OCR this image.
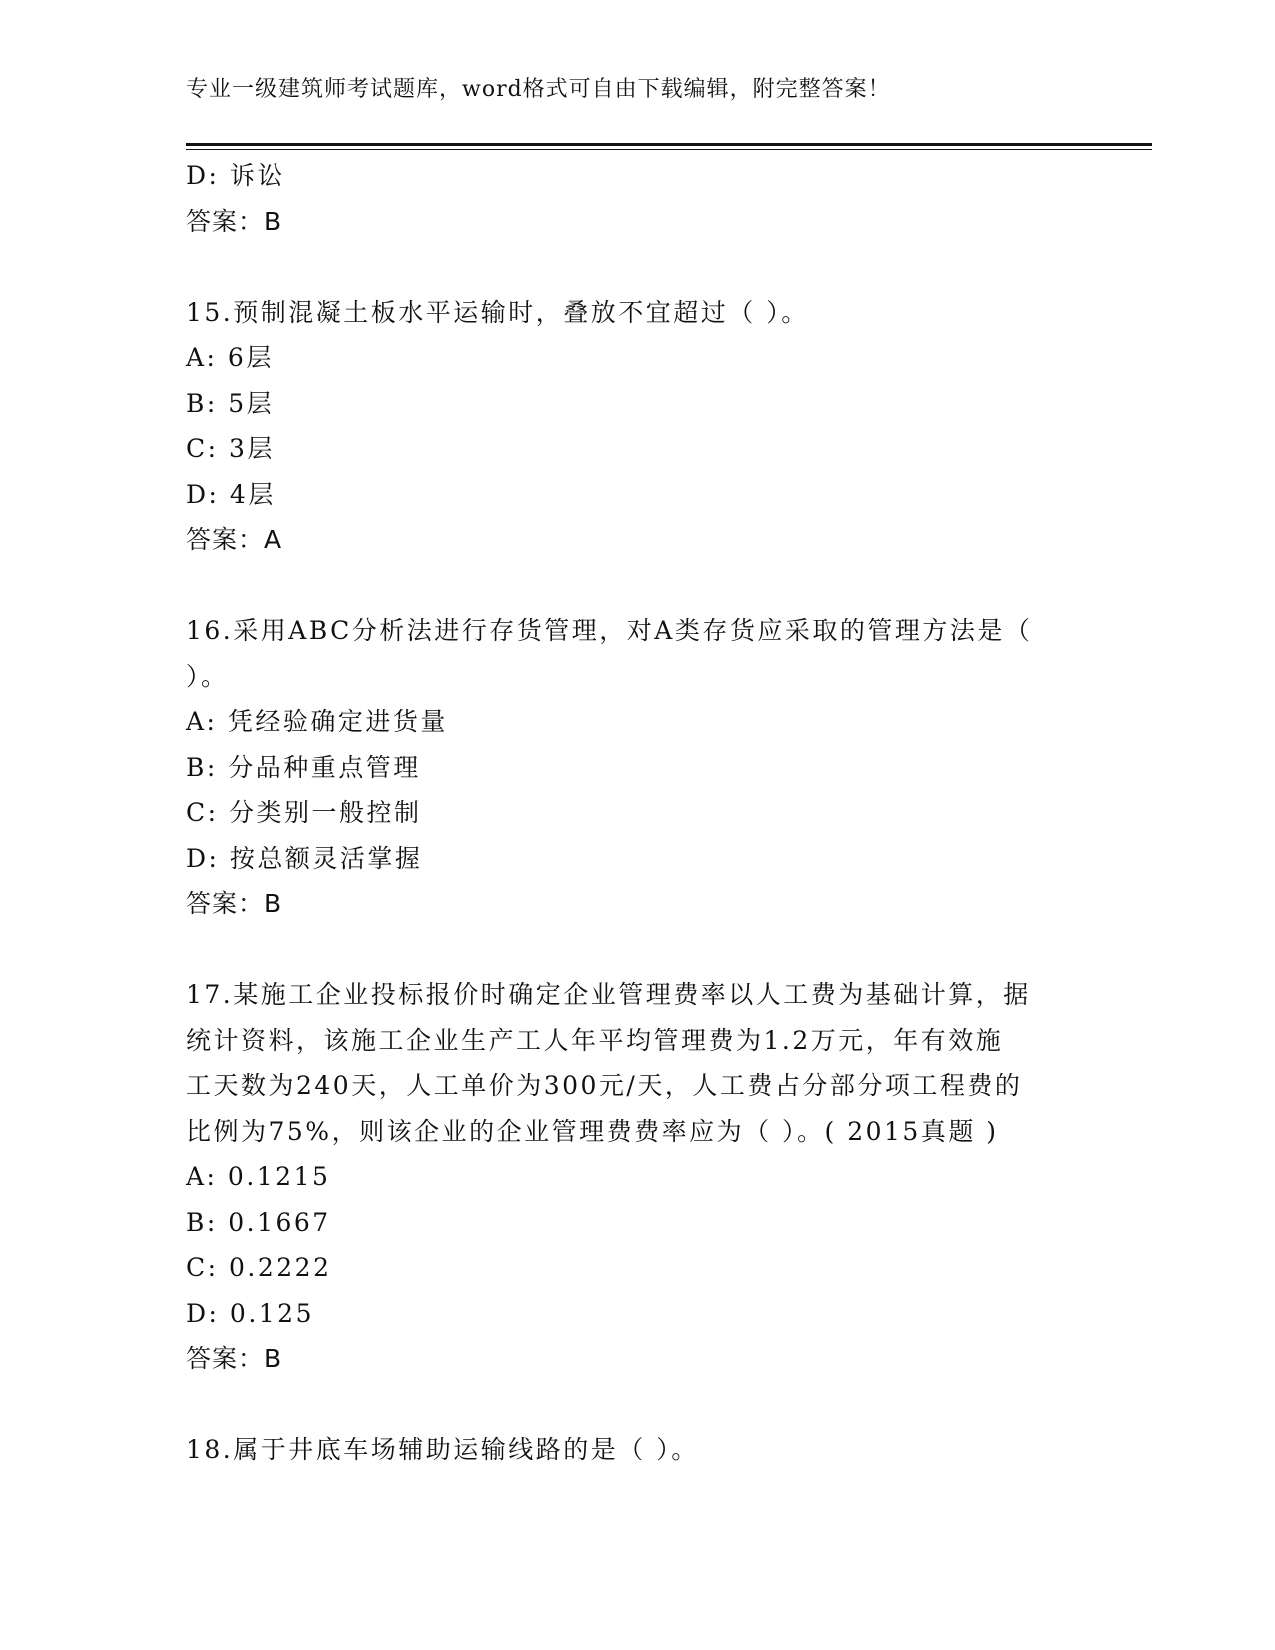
专业一级建筑师考试题库，word格式可自由下载编辑，附完整答案！
D: 诉讼
答案：B
15.预制混凝土板水平运输时，叠放不宜超过（ ）。
A: 6层
B: 5层
C: 3层
D: 4层
答案：A
16.采用ABC分析法进行存货管理，对A类存货应采取的管理方法是（
）。
A: 凭经验确定进货量
B: 分品种重点管理
C: 分类别一般控制
D: 按总额灵活掌握
答案：B
17.某施工企业投标报价时确定企业管理费率以人工费为基础计算，据
统计资料，该施工企业生产工人年平均管理费为1.2万元，年有效施
工天数为240天，人工单价为300元/天，人工费占分部分项工程费的
比例为75%，则该企业的企业管理费费率应为（ ）。( 2015真题 )
A: 0.1215
B: 0.1667
C: 0.2222
D: 0.125
答案：B
18.属于井底车场辅助运输线路的是（ ）。
